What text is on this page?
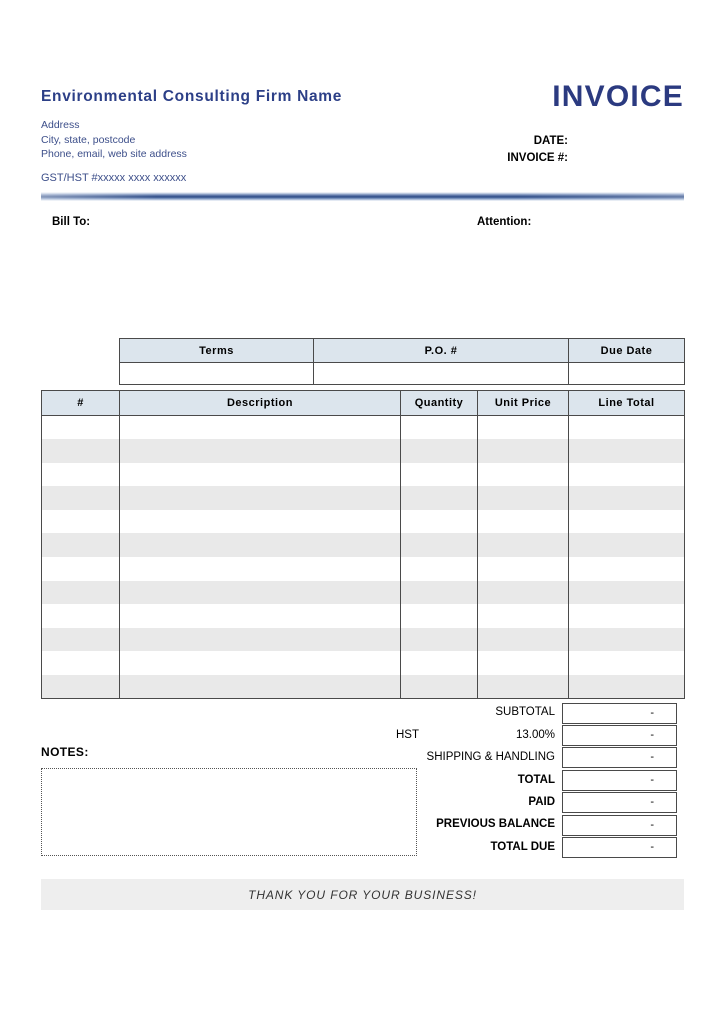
Environmental Consulting Firm Name
Address
City, state, postcode
Phone, email, web site address
GST/HST #xxxxx xxxx xxxxxx
INVOICE
DATE:
INVOICE #:
Bill To:	Attention:
Terms	P.O. #	Due Date

#	Description	Quantity	Unit Price	Line Total

SUBTOTAL	-
HST	13.00%	-
SHIPPING & HANDLING	-
TOTAL	-
PAID	-
PREVIOUS BALANCE	-
TOTAL DUE	-
NOTES:
THANK YOU FOR YOUR BUSINESS!
